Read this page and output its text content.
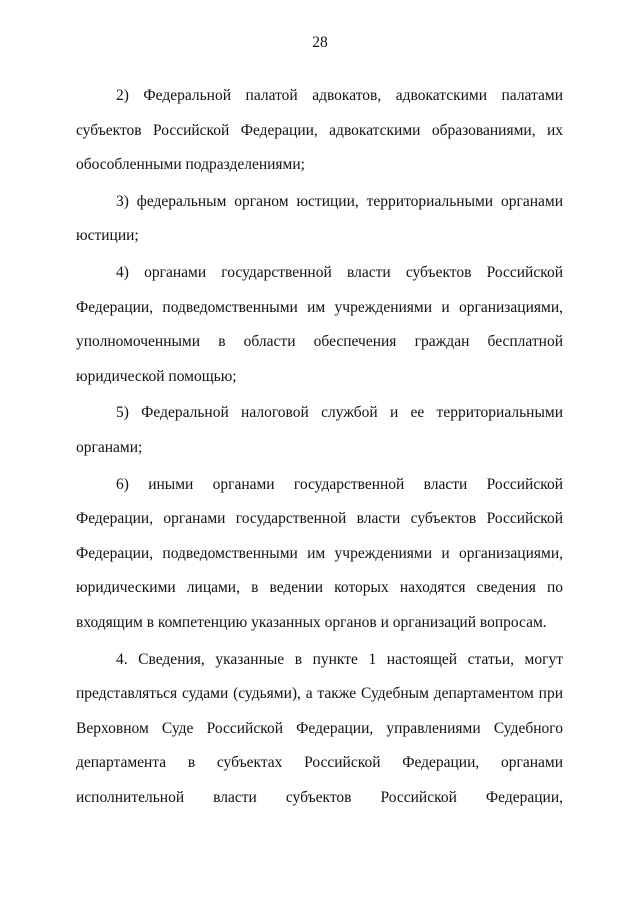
28

2) Федеральной палатой адвокатов, адвокатскими палатами субъектов Российской Федерации, адвокатскими образованиями, их обособленными подразделениями;

3) федеральным органом юстиции, территориальными органами юстиции;

4) органами государственной власти субъектов Российской Федерации, подведомственными им учреждениями и организациями, уполномоченными в области обеспечения граждан бесплатной юридической помощью;

5) Федеральной налоговой службой и ее территориальными органами;

6) иными органами государственной власти Российской Федерации, органами государственной власти субъектов Российской Федерации, подведомственными им учреждениями и организациями, юридическими лицами, в ведении которых находятся сведения по входящим в компетенцию указанных органов и организаций вопросам.

4. Сведения, указанные в пункте 1 настоящей статьи, могут представляться судами (судьями), а также Судебным департаментом при Верховном Суде Российской Федерации, управлениями Судебного департамента в субъектах Российской Федерации, органами исполнительной власти субъектов Российской Федерации,
